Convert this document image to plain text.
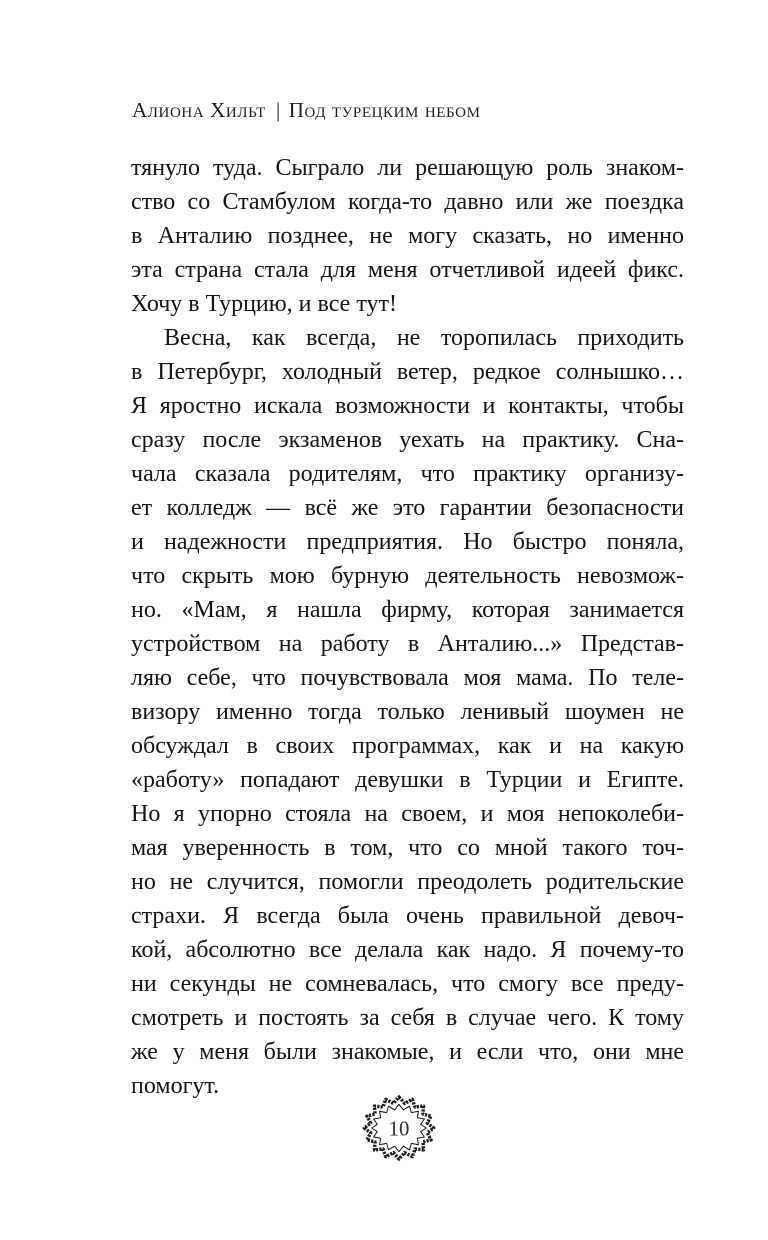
Алиона Хильт | Под турецким небом
тянуло туда. Сыграло ли решающую роль знаком-
ство со Стамбулом когда-то давно или же поездка
в Анталию позднее, не могу сказать, но именно
эта страна стала для меня отчетливой идеей фикс.
Хочу в Турцию, и все тут!
Весна, как всегда, не торопилась приходить
в Петербург, холодный ветер, редкое солнышко…
Я яростно искала возможности и контакты, чтобы
сразу после экзаменов уехать на практику. Сна-
чала сказала родителям, что практику организу-
ет колледж — всё же это гарантии безопасности
и надежности предприятия. Но быстро поняла,
что скрыть мою бурную деятельность невозмож-
но. «Мам, я нашла фирму, которая занимается
устройством на работу в Анталию...» Представ-
ляю себе, что почувствовала моя мама. По теле-
визору именно тогда только ленивый шоумен не
обсуждал в своих программах, как и на какую
«работу» попадают девушки в Турции и Египте.
Но я упорно стояла на своем, и моя непоколеби-
мая уверенность в том, что со мной такого точ-
но не случится, помогли преодолеть родительские
страхи. Я всегда была очень правильной девоч-
кой, абсолютно все делала как надо. Я почему-то
ни секунды не сомневалась, что смогу все преду-
смотреть и постоять за себя в случае чего. К тому
же у меня были знакомые, и если что, они мне
помогут.
10
